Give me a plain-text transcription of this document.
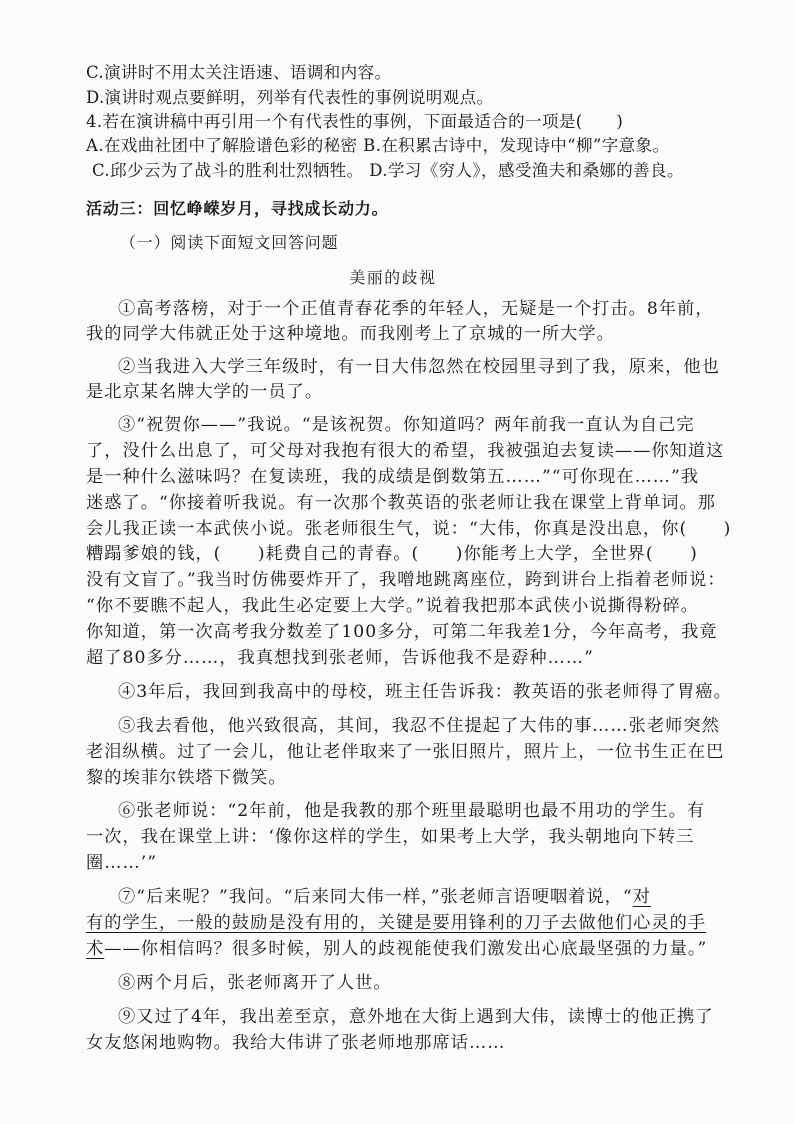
C.演讲时不用太关注语速、语调和内容。
D.演讲时观点要鲜明，列举有代表性的事例说明观点。
4.若在演讲稿中再引用一个有代表性的事例，下面最适合的一项是(　　)
A.在戏曲社团中了解脸谱色彩的秘密 B.在积累古诗中，发现诗中“柳”字意象。
C.邱少云为了战斗的胜利壮烈牺牲。 D.学习《穷人》，感受渔夫和桑娜的善良。
活动三：回忆峥嵘岁月，寻找成长动力。
（一）阅读下面短文回答问题
美丽的歧视
①高考落榜，对于一个正值青春花季的年轻人，无疑是一个打击。8年前，
我的同学大伟就正处于这种境地。而我刚考上了京城的一所大学。
②当我进入大学三年级时，有一日大伟忽然在校园里寻到了我，原来，他也
是北京某名牌大学的一员了。
③“祝贺你——”我说。“是该祝贺。你知道吗？两年前我一直认为自己完
了，没什么出息了，可父母对我抱有很大的希望，我被强迫去复读——你知道这
是一种什么滋味吗？在复读班，我的成绩是倒数第五……”“可你现在……”我
迷惑了。“你接着听我说。有一次那个教英语的张老师让我在课堂上背单词。那
会儿我正读一本武侠小说。张老师很生气，说：“大伟，你真是没出息，你(　　)
糟蹋爹娘的钱，(　　)耗费自己的青春。(　　)你能考上大学，全世界(　　)
没有文盲了。”我当时仿佛要炸开了，我噌地跳离座位，跨到讲台上指着老师说：
“你不要瞧不起人，我此生必定要上大学。”说着我把那本武侠小说撕得粉碎。
你知道，第一次高考我分数差了100多分，可第二年我差1分，今年高考，我竟
超了80多分……，我真想找到张老师，告诉他我不是孬种……”
④3年后，我回到我高中的母校，班主任告诉我：教英语的张老师得了胃癌。
⑤我去看他，他兴致很高，其间，我忍不住提起了大伟的事……张老师突然
老泪纵横。过了一会儿，他让老伴取来了一张旧照片，照片上，一位书生正在巴
黎的埃菲尔铁塔下微笑。
⑥张老师说：“2年前，他是我教的那个班里最聪明也最不用功的学生。有
一次，我在课堂上讲：‘像你这样的学生，如果考上大学，我头朝地向下转三
圈……’”
⑦“后来呢？”我问。“后来同大伟一样，”张老师言语哽咽着说，“对
有的学生，一般的鼓励是没有用的，关键是要用锋利的刀子去做他们心灵的手
术——你相信吗？很多时候，别人的歧视能使我们激发出心底最坚强的力量。”
⑧两个月后，张老师离开了人世。
⑨又过了4年，我出差至京，意外地在大街上遇到大伟，读博士的他正携了
女友悠闲地购物。我给大伟讲了张老师地那席话……
